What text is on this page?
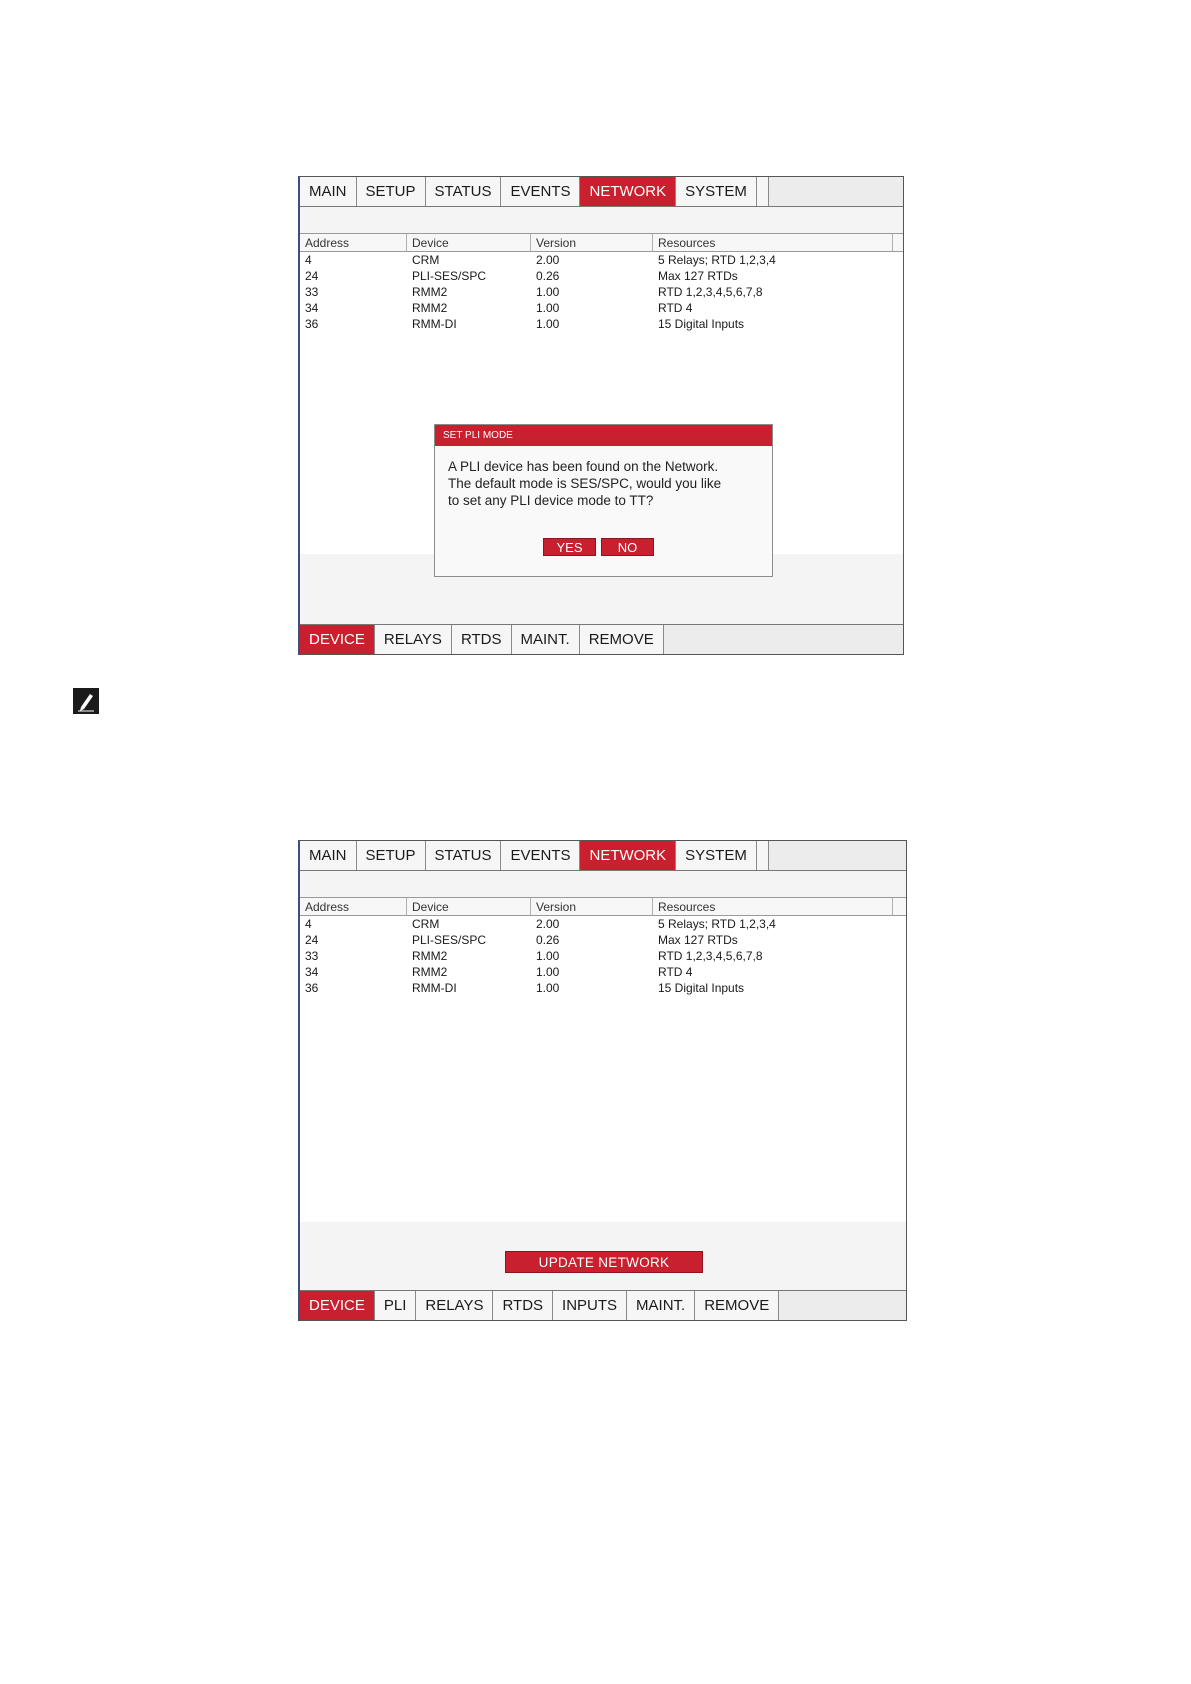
MAIN	SETUP	STATUS	EVENTS	NETWORK	SYSTEM
Address	Device	Version	Resources
4	CRM	2.00	5 Relays; RTD 1,2,3,4
24	PLI-SES/SPC	0.26	Max 127 RTDs
33	RMM2	1.00	RTD 1,2,3,4,5,6,7,8
34	RMM2	1.00	RTD 4
36	RMM-DI	1.00	15 Digital Inputs
SET PLI MODE
A PLI device has been found on the Network.
The default mode is SES/SPC, would you like
to set any PLI device mode to TT?
YES	NO
DEVICE	RELAYS	RTDS	MAINT.	REMOVE
MAIN	SETUP	STATUS	EVENTS	NETWORK	SYSTEM
Address	Device	Version	Resources
4	CRM	2.00	5 Relays; RTD 1,2,3,4
24	PLI-SES/SPC	0.26	Max 127 RTDs
33	RMM2	1.00	RTD 1,2,3,4,5,6,7,8
34	RMM2	1.00	RTD 4
36	RMM-DI	1.00	15 Digital Inputs
UPDATE NETWORK
DEVICE	PLI	RELAYS	RTDS	INPUTS	MAINT.	REMOVE
